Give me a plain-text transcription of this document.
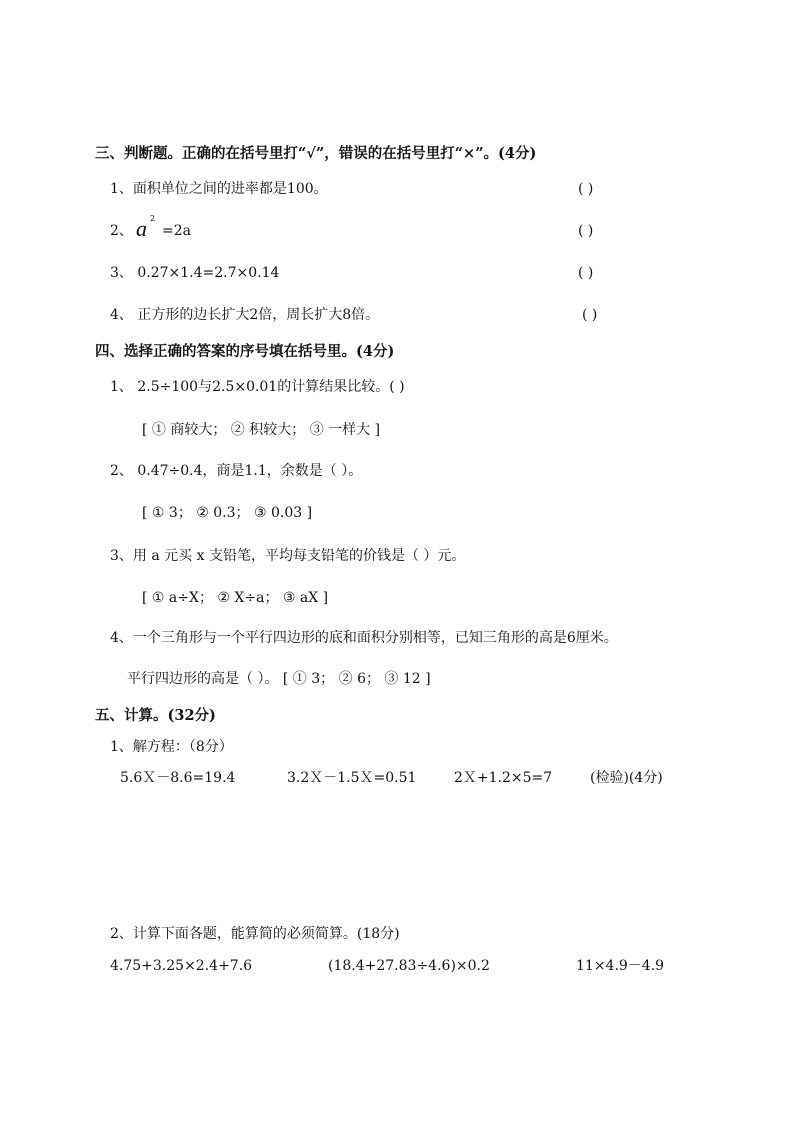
三、判断题。正确的在括号里打“√”，错误的在括号里打“×”。(4分)
1、面积单位之间的进率都是100。	( )
2、 a 2
=2a	( )
3、 0.27×1.4=2.7×0.14	( )
4、 正方形的边长扩大2倍，周长扩大8倍。	( )
四、选择正确的答案的序号填在括号里。(4分)
1、 2.5÷100与2.5×0.01的计算结果比较。( )
[ ① 商较大； ② 积较大； ③ 一样大 ]
2、 0.47÷0.4，商是1.1，余数是（ ）。
[ ① 3； ② 0.3； ③ 0.03 ]
3、用 a 元买 x 支铅笔，平均每支铅笔的价钱是（ ）元。
[ ① a÷X； ② X÷a； ③ aX ]
4、一个三角形与一个平行四边形的底和面积分别相等，已知三角形的高是6厘米。
平行四边形的高是（ ）。 [ ① 3； ② 6； ③ 12 ]
五、计算。(32分)
1、解方程：（8分）
5.6Ｘ－8.6=19.4	3.2Ｘ－1.5Ｘ=0.51	2Ｘ+1.2×5=7	(检验)(4分)
2、计算下面各题，能算简的必须简算。(18分)
4.75+3.25×2.4+7.6	(18.4+27.83÷4.6)×0.2	11×4.9－4.9
